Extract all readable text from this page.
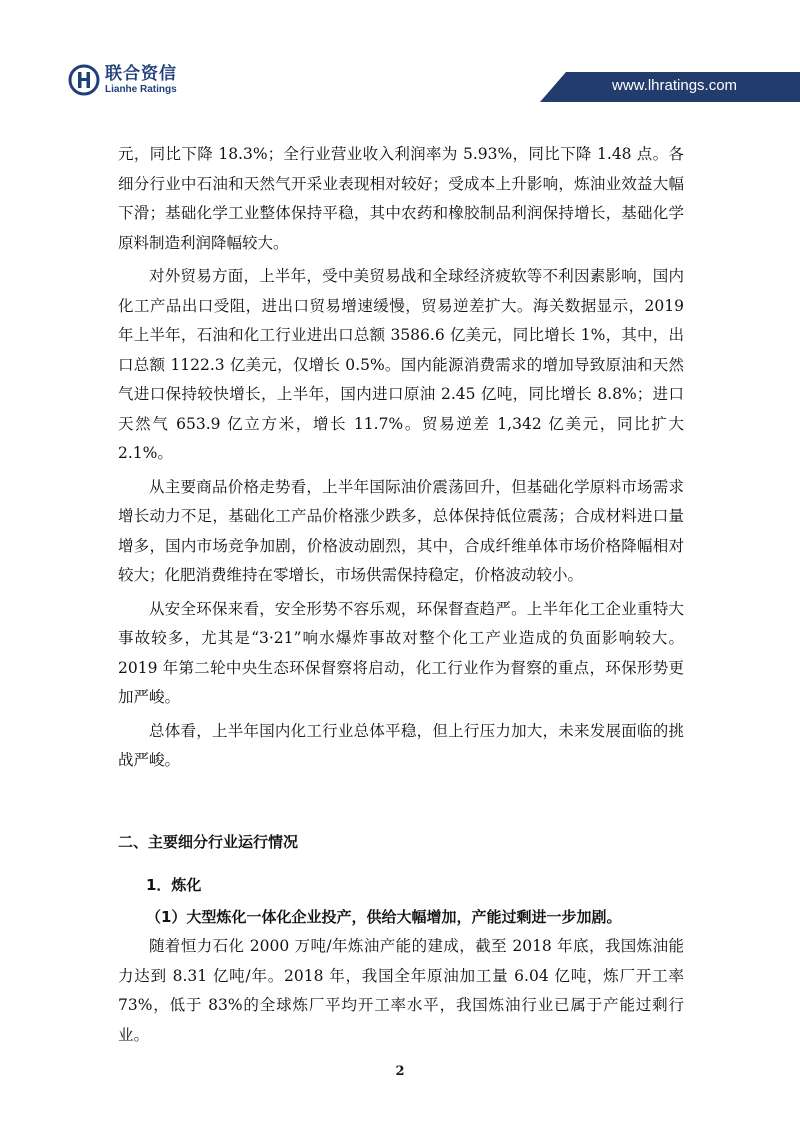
联合资信
Lianhe Ratings	www.lhratings.com

元，同比下降 18.3%；全行业营业收入利润率为 5.93%，同比下降 1.48 点。各细分行业中石油和天然气开采业表现相对较好；受成本上升影响，炼油业效益大幅下滑；基础化学工业整体保持平稳，其中农药和橡胶制品利润保持增长，基础化学原料制造利润降幅较大。

对外贸易方面，上半年，受中美贸易战和全球经济疲软等不利因素影响，国内化工产品出口受阻，进出口贸易增速缓慢，贸易逆差扩大。海关数据显示，2019 年上半年，石油和化工行业进出口总额 3586.6 亿美元，同比增长 1%，其中，出口总额 1122.3 亿美元，仅增长 0.5%。国内能源消费需求的增加导致原油和天然气进口保持较快增长，上半年，国内进口原油 2.45 亿吨，同比增长 8.8%；进口天然气 653.9 亿立方米，增长 11.7%。贸易逆差 1,342 亿美元，同比扩大 2.1%。

从主要商品价格走势看，上半年国际油价震荡回升，但基础化学原料市场需求增长动力不足，基础化工产品价格涨少跌多，总体保持低位震荡；合成材料进口量增多，国内市场竞争加剧，价格波动剧烈，其中，合成纤维单体市场价格降幅相对较大；化肥消费维持在零增长，市场供需保持稳定，价格波动较小。

从安全环保来看，安全形势不容乐观，环保督查趋严。上半年化工企业重特大事故较多，尤其是“3·21”响水爆炸事故对整个化工产业造成的负面影响较大。2019 年第二轮中央生态环保督察将启动，化工行业作为督察的重点，环保形势更加严峻。

总体看，上半年国内化工行业总体平稳，但上行压力加大，未来发展面临的挑战严峻。

二、主要细分行业运行情况

1．炼化

（1）大型炼化一体化企业投产，供给大幅增加，产能过剩进一步加剧。

随着恒力石化 2000 万吨/年炼油产能的建成，截至 2018 年底，我国炼油能力达到 8.31 亿吨/年。2018 年，我国全年原油加工量 6.04 亿吨，炼厂开工率 73%，低于 83%的全球炼厂平均开工率水平，我国炼油行业已属于产能过剩行业。

2
